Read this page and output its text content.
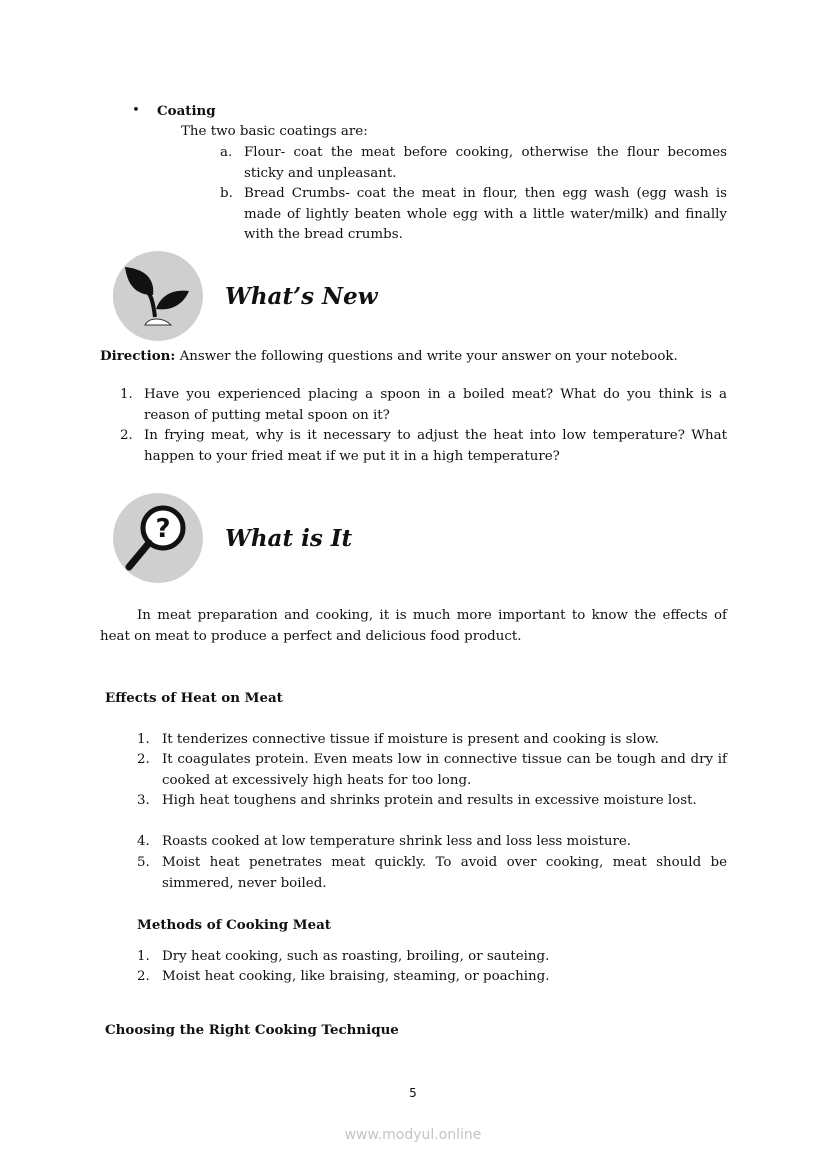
• Coating
The two basic coatings are:
a. Flour- coat the meat before cooking, otherwise the flour becomes sticky and unpleasant.
b. Bread Crumbs- coat the meat in flour, then egg wash (egg wash is made of lightly beaten whole egg with a little water/milk) and finally with the bread crumbs.
What’s New
Direction: Answer the following questions and write your answer on your notebook.
1. Have you experienced placing a spoon in a boiled meat? What do you think is a reason of putting metal spoon on it?
2. In frying meat, why is it necessary to adjust the heat into low temperature? What happen to your fried meat if we put it in a high temperature?
? What is It
In meat preparation and cooking, it is much more important to know the effects of heat on meat to produce a perfect and delicious food product.
Effects of Heat on Meat
1. It tenderizes connective tissue if moisture is present and cooking is slow.
2. It coagulates protein. Even meats low in connective tissue can be tough and dry if cooked at excessively high heats for too long.
3. High heat toughens and shrinks protein and results in excessive moisture lost.
4. Roasts cooked at low temperature shrink less and loss less moisture.
5. Moist heat penetrates meat quickly. To avoid over cooking, meat should be simmered, never boiled.
Methods of Cooking Meat
1. Dry heat cooking, such as roasting, broiling, or sauteing.
2. Moist heat cooking, like braising, steaming, or poaching.
Choosing the Right Cooking Technique
5
www.modyul.online
